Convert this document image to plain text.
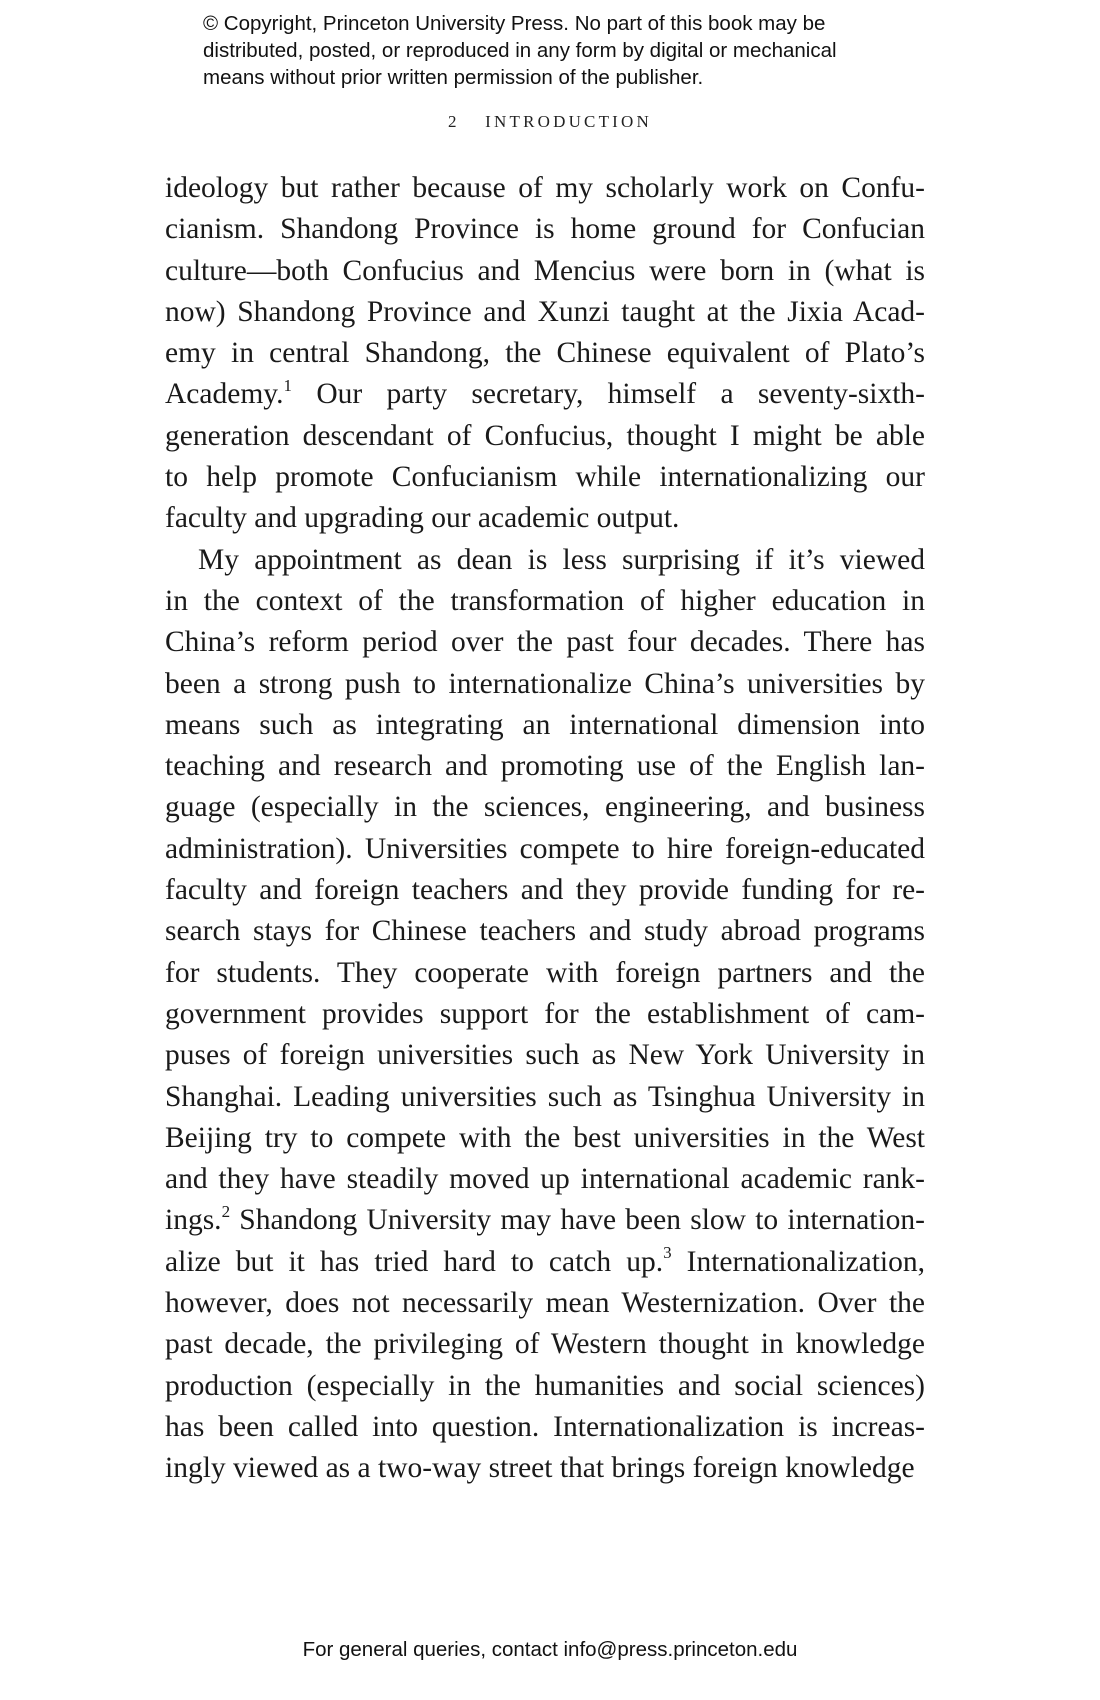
© Copyright, Princeton University Press. No part of this book may be
distributed, posted, or reproduced in any form by digital or mechanical
means without prior written permission of the publisher.
2 INTRODUCTION
ideology but rather because of my scholarly work on Confu-
cianism. Shandong Province is home ground for Confucian
culture—both Confucius and Mencius were born in (what is
now) Shandong Province and Xunzi taught at the Jixia Acad-
emy in central Shandong, the Chinese equivalent of Plato’s
Academy.$^1$ Our party secretary, himself a seventy-sixth-
generation descendant of Confucius, thought I might be able
to help promote Confucianism while internationalizing our
faculty and upgrading our academic output.
My appointment as dean is less surprising if it’s viewed
in the context of the transformation of higher education in
China’s reform period over the past four decades. There has
been a strong push to internationalize China’s universities by
means such as integrating an international dimension into
teaching and research and promoting use of the English lan-
guage (especially in the sciences, engineering, and business
administration). Universities compete to hire foreign-educated
faculty and foreign teachers and they provide funding for re-
search stays for Chinese teachers and study abroad programs
for students. They cooperate with foreign partners and the
government provides support for the establishment of cam-
puses of foreign universities such as New York University in
Shanghai. Leading universities such as Tsinghua University in
Beijing try to compete with the best universities in the West
and they have steadily moved up international academic rank-
ings.$^2$ Shandong University may have been slow to internation-
alize but it has tried hard to catch up.$^3$ Internationalization,
however, does not necessarily mean Westernization. Over the
past decade, the privileging of Western thought in knowledge
production (especially in the humanities and social sciences)
has been called into question. Internationalization is increas-
ingly viewed as a two-way street that brings foreign knowledge
For general queries, contact info@press.princeton.edu
